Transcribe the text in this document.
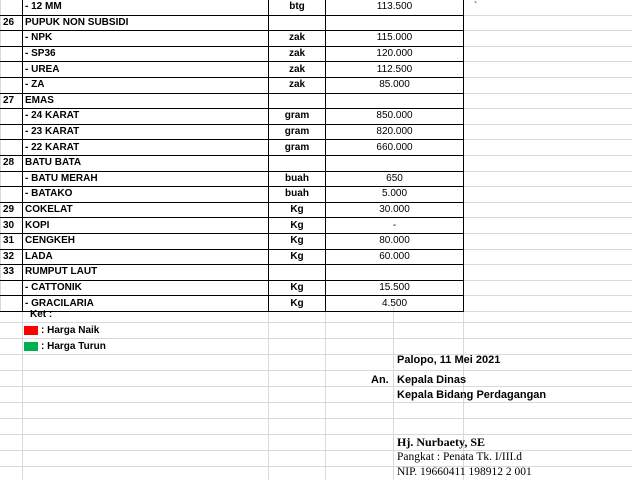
	- 12 MM	btg	113.500	`
26	PUPUK NON SUBSIDI			
	- NPK	zak	115.000	
	- SP36	zak	120.000	
	- UREA	zak	112.500	
	- ZA	zak	85.000	
27	EMAS			
	- 24 KARAT	gram	850.000	
	- 23 KARAT	gram	820.000	
	- 22 KARAT	gram	660.000	
28	BATU BATA			
	- BATU MERAH	buah	650	
	- BATAKO	buah	5.000	
29	COKELAT	Kg	30.000	
30	KOPI	Kg	-	
31	CENGKEH	Kg	80.000	
32	LADA	Kg	60.000	
33	RUMPUT LAUT			
	- CATTONIK	Kg	15.500	
	- GRACILARIA	Kg	4.500	
Ket :
: Harga Naik
: Harga Turun
Palopo, 11 Mei 2021
An. Kepala Dinas
Kepala Bidang Perdagangan
Hj. Nurbaety, SE
Pangkat : Penata Tk. I/III.d
NIP. 19660411 198912 2 001
